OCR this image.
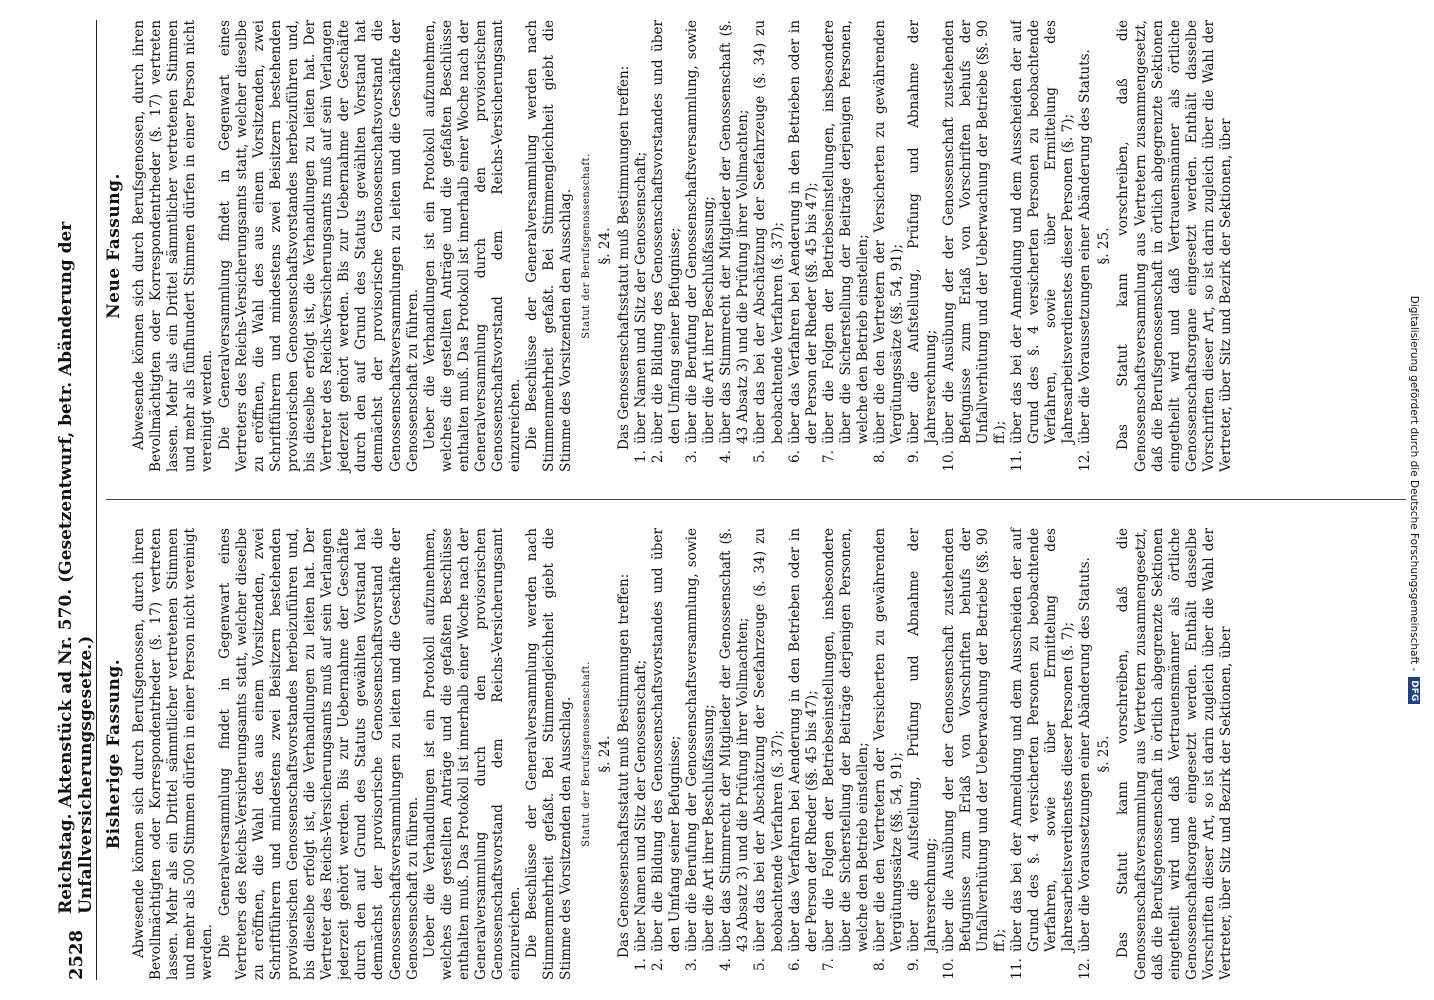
2528
Reichstag. Aktenstück ad Nr. 570. (Gesetzentwurf, betr. Abänderung der Unfallversicherungsgesetze.) Bisherige Fassung. Abwesende können sich durch Berufsgenossen, durch ihren Bevollmächtigten oder Korrespondentrheder (§. 17) vertreten lassen. Mehr als ein Drittel sämmtlicher vertretenen Stimmen und mehr als 500 Stimmen dürfen in einer Person nicht vereinigt werden. Die Generalversammlung findet in Gegenwart eines Vertreters des Reichs-Versicherungsamts statt, welcher dieselbe zu eröffnen, die Wahl des aus einem Vorsitzenden, zwei Schriftführern und mindestens zwei Beisitzern bestehenden provisorischen Genossenschaftsvorstandes herbeizuführen und, bis dieselbe erfolgt ist, die Verhandlungen zu leiten hat. Der Vertreter des Reichs-Versicherungsamts muß auf sein Verlangen jederzeit gehört werden. Bis zur Uebernahme der Geschäfte durch den auf Grund des Statuts gewählten Vorstand hat demnächst der provisorische Genossenschaftsvorstand die Genossenschaftsversammlungen zu leiten und die Geschäfte der Genossenschaft zu führen. Ueber die Verhandlungen ist ein Protokoll aufzunehmen, welches die gestellten Anträge und die gefaßten Beschlüsse enthalten muß. Das Protokoll ist innerhalb einer Woche nach der Generalversammlung durch den provisorischen Genossenschaftsvorstand dem Reichs-Versicherungsamt einzureichen. Die Beschlüsse der Generalversammlung werden nach Stimmenmehrheit gefaßt. Bei Stimmengleichheit giebt die Stimme des Vorsitzenden den Ausschlag. Statut der Berufsgenossenschaft. §. 24. Das Genossenschaftsstatut muß Bestimmungen treffen:

1.
über Namen und Sitz der Genossenschaft;
2.
über die Bildung des Genossenschaftsvorstandes und über den Umfang seiner Befugnisse;
3.
über die Berufung der Genossenschaftsversammlung, sowie über die Art ihrer Beschlußfassung;
4.
über das Stimmrecht der Mitglieder der Genossenschaft (§. 43 Absatz 3) und die Prüfung ihrer Vollmachten;
5.
über das bei der Abschätzung der Seefahrzeuge (§. 34) zu beobachtende Verfahren (§. 37);
6.
über das Verfahren bei Aenderung in den Betrieben oder in der Person der Rheder (§§. 45 bis 47);
7.
über die Folgen der Betriebseinstellungen, insbesondere über die Sicherstellung der Beiträge derjenigen Personen, welche den Betrieb einstellen;
8.
über die den Vertretern der Versicherten zu gewährenden Vergütungssätze (§§. 54, 91);
9.
über die Aufstellung, Prüfung und Abnahme der Jahresrechnung;
10.
über die Ausübung der der Genossenschaft zustehenden Befugnisse zum Erlaß von Vorschriften behufs der Unfallverhütung und der Ueberwachung der Betriebe (§§. 90 ff.);
11.
über das bei der Anmeldung und dem Ausscheiden der auf Grund des §. 4 versicherten Personen zu beobachtende Verfahren, sowie über Ermittelung des Jahresarbeitsverdienstes dieser Personen (§. 7);
12.
über die Voraussetzungen einer Abänderung des Statuts. §. 25. Das Statut kann vorschreiben, daß die Genossenschaftsversammlung aus Vertretern zusammengesetzt, daß die Berufsgenossenschaft in örtlich abgegrenzte Sektionen eingetheilt wird und daß Vertrauensmänner als örtliche Genossenschaftsorgane eingesetzt werden. Enthält dasselbe Vorschriften dieser Art, so ist darin zugleich über die Wahl der Vertreter, über Sitz und Bezirk der Sektionen, über

Neue Fassung. Abwesende können sich durch Berufsgenossen, durch ihren Bevollmächtigten oder Korrespondentrheder (§. 17) vertreten lassen. Mehr als ein Drittel sämmtlicher vertretenen Stimmen und mehr als fünfhundert Stimmen dürfen in einer Person nicht vereinigt werden. Die Generalversammlung findet in Gegenwart eines Vertreters des Reichs-Versicherungsamts statt, welcher dieselbe zu eröffnen, die Wahl des aus einem Vorsitzenden, zwei Schriftführern und mindestens zwei Beisitzern bestehenden provisorischen Genossenschaftsvorstandes herbeizuführen und, bis dieselbe erfolgt ist, die Verhandlungen zu leiten hat. Der Vertreter des Reichs-Versicherungsamts muß auf sein Verlangen jederzeit gehört werden. Bis zur Uebernahme der Geschäfte durch den auf Grund des Statuts gewählten Vorstand hat demnächst der provisorische Genossenschaftsvorstand die Genossenschaftsversammlungen zu leiten und die Geschäfte der Genossenschaft zu führen. Ueber die Verhandlungen ist ein Protokoll aufzunehmen, welches die gestellten Anträge und die gefaßten Beschlüsse enthalten muß. Das Protokoll ist innerhalb einer Woche nach der Generalversammlung durch den provisorischen Genossenschaftsvorstand dem Reichs-Versicherungsamt einzureichen. Die Beschlüsse der Generalversammlung werden nach Stimmenmehrheit gefaßt. Bei Stimmengleichheit giebt die Stimme des Vorsitzenden den Ausschlag. Statut der Berufsgenossenschaft. §. 24. Das Genossenschaftsstatut muß Bestimmungen treffen:

1.
über Namen und Sitz der Genossenschaft;
2.
über die Bildung des Genossenschaftsvorstandes und über den Umfang seiner Befugnisse;
3.
über die Berufung der Genossenschaftsversammlung, sowie über die Art ihrer Beschlußfassung;
4.
über das Stimmrecht der Mitglieder der Genossenschaft (§. 43 Absatz 3) und die Prüfung ihrer Vollmachten;
5.
über das bei der Abschätzung der Seefahrzeuge (§. 34) zu beobachtende Verfahren (§. 37);
6.
über das Verfahren bei Aenderung in den Betrieben oder in der Person der Rheder (§§. 45 bis 47);
7.
über die Folgen der Betriebseinstellungen, insbesondere über die Sicherstellung der Beiträge derjenigen Personen, welche den Betrieb einstellen;
8.
über die den Vertretern der Versicherten zu gewährenden Vergütungssätze (§§. 54, 91);
9.
über die Aufstellung, Prüfung und Abnahme der Jahresrechnung;
10.
über die Ausübung der der Genossenschaft zustehenden Befugnisse zum Erlaß von Vorschriften behufs der Unfallverhütung und der Ueberwachung der Betriebe (§§. 90 ff.);
11.
über das bei der Anmeldung und dem Ausscheiden der auf Grund des §. 4 versicherten Personen zu beobachtende Verfahren, sowie über Ermittelung des Jahresarbeitsverdienstes dieser Personen (§. 7);
12.
über die Voraussetzungen einer Abänderung des Statuts. §. 25. Das Statut kann vorschreiben, daß die Genossenschaftsversammlung aus Vertretern zusammengesetzt, daß die Berufsgenossenschaft in örtlich abgegrenzte Sektionen eingetheilt wird und daß Vertrauensmänner als örtliche Genossenschaftsorgane eingesetzt werden. Enthält dasselbe Vorschriften dieser Art, so ist darin zugleich über die Wahl der Vertreter, über Sitz und Bezirk der Sektionen, über

Digitalisierung gefördert durch die Deutsche Forschungsgemeinschaft -
DFG
